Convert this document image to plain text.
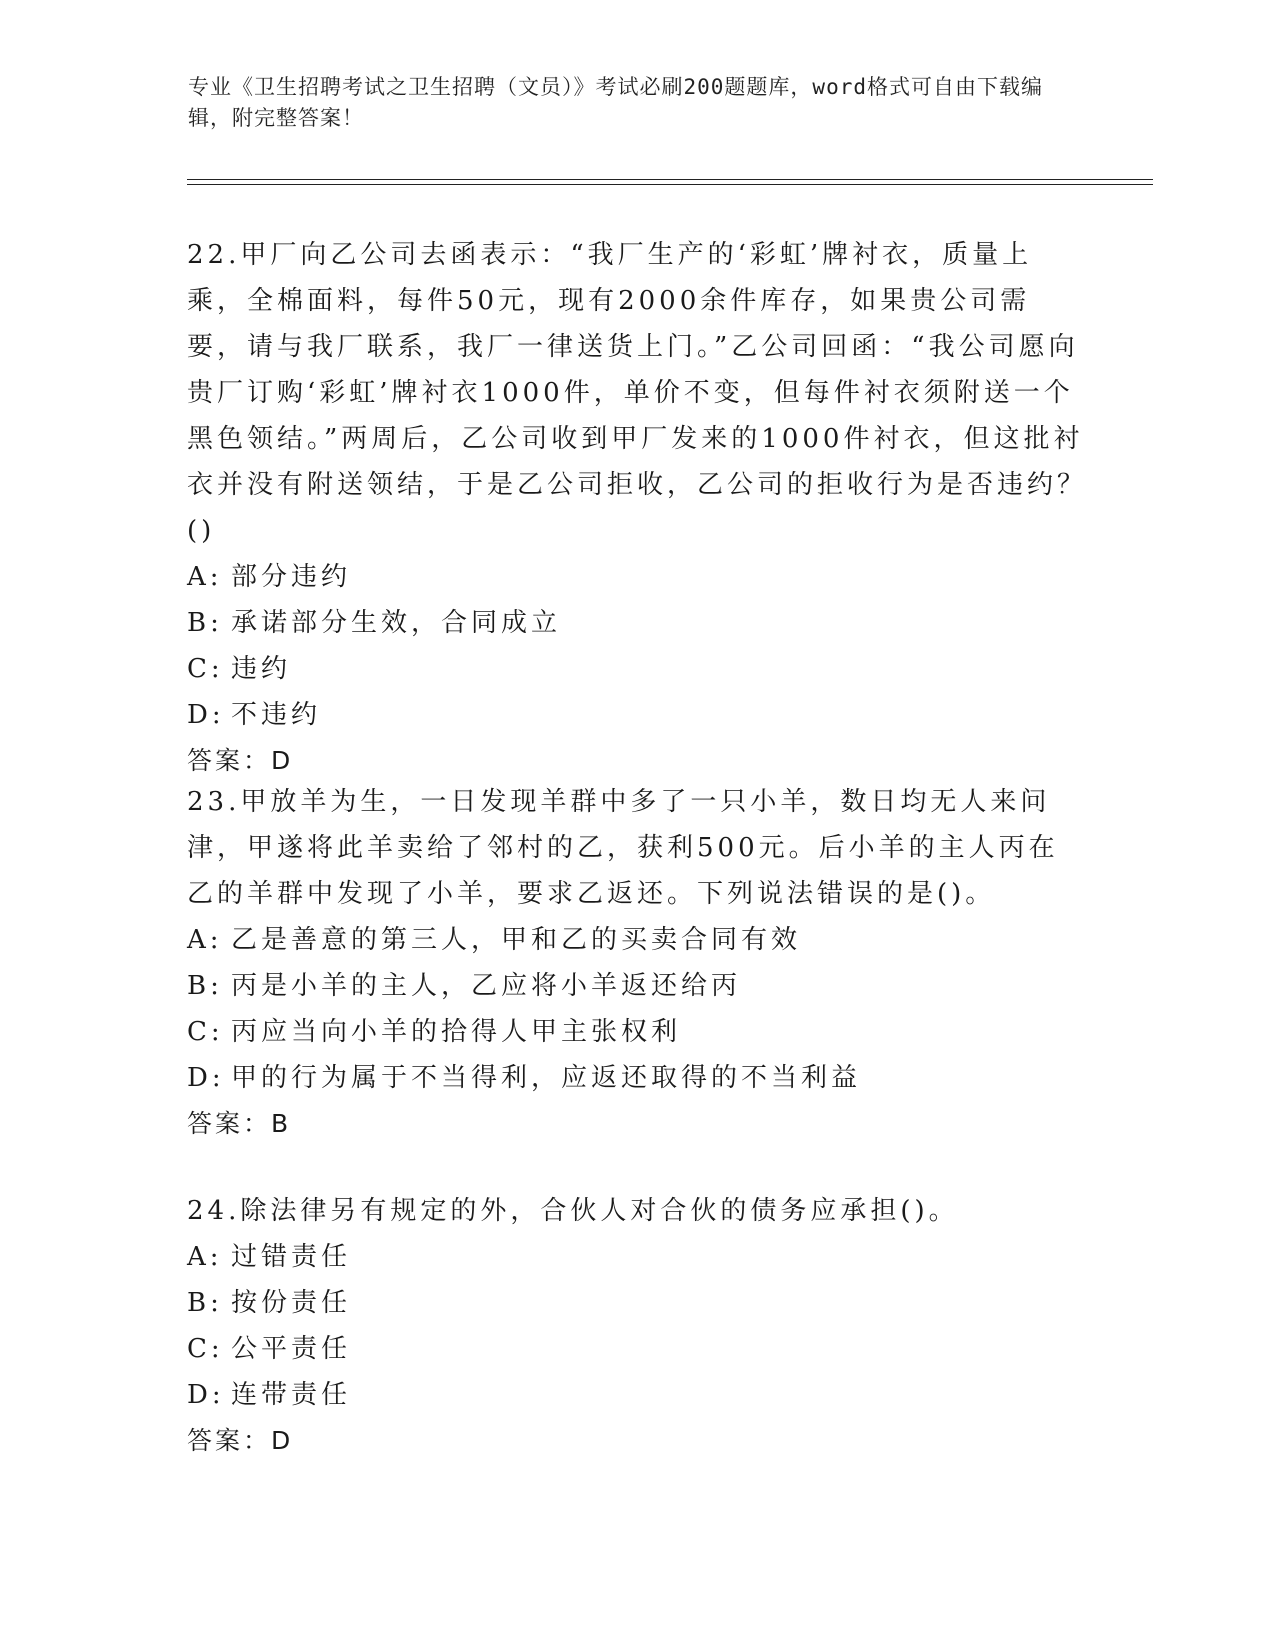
专业《卫生招聘考试之卫生招聘（文员）》考试必刷200题题库，word格式可自由下载编辑，附完整答案！

22.甲厂向乙公司去函表示：“我厂生产的‘彩虹’牌衬衣，质量上乘，全棉面料，每件50元，现有2000余件库存，如果贵公司需要，请与我厂联系，我厂一律送货上门。”乙公司回函：“我公司愿向贵厂订购‘彩虹’牌衬衣1000件，单价不变，但每件衬衣须附送一个黑色领结。”两周后，乙公司收到甲厂发来的1000件衬衣，但这批衬衣并没有附送领结，于是乙公司拒收，乙公司的拒收行为是否违约？()

A: 部分违约

B: 承诺部分生效，合同成立

C: 违约

D: 不违约

答案：D

23.甲放羊为生，一日发现羊群中多了一只小羊，数日均无人来问津，甲遂将此羊卖给了邻村的乙，获利500元。后小羊的主人丙在乙的羊群中发现了小羊，要求乙返还。下列说法错误的是()。

A: 乙是善意的第三人，甲和乙的买卖合同有效

B: 丙是小羊的主人，乙应将小羊返还给丙

C: 丙应当向小羊的拾得人甲主张权利

D: 甲的行为属于不当得利，应返还取得的不当利益

答案：B

24.除法律另有规定的外，合伙人对合伙的债务应承担()。

A: 过错责任

B: 按份责任

C: 公平责任

D: 连带责任

答案：D
